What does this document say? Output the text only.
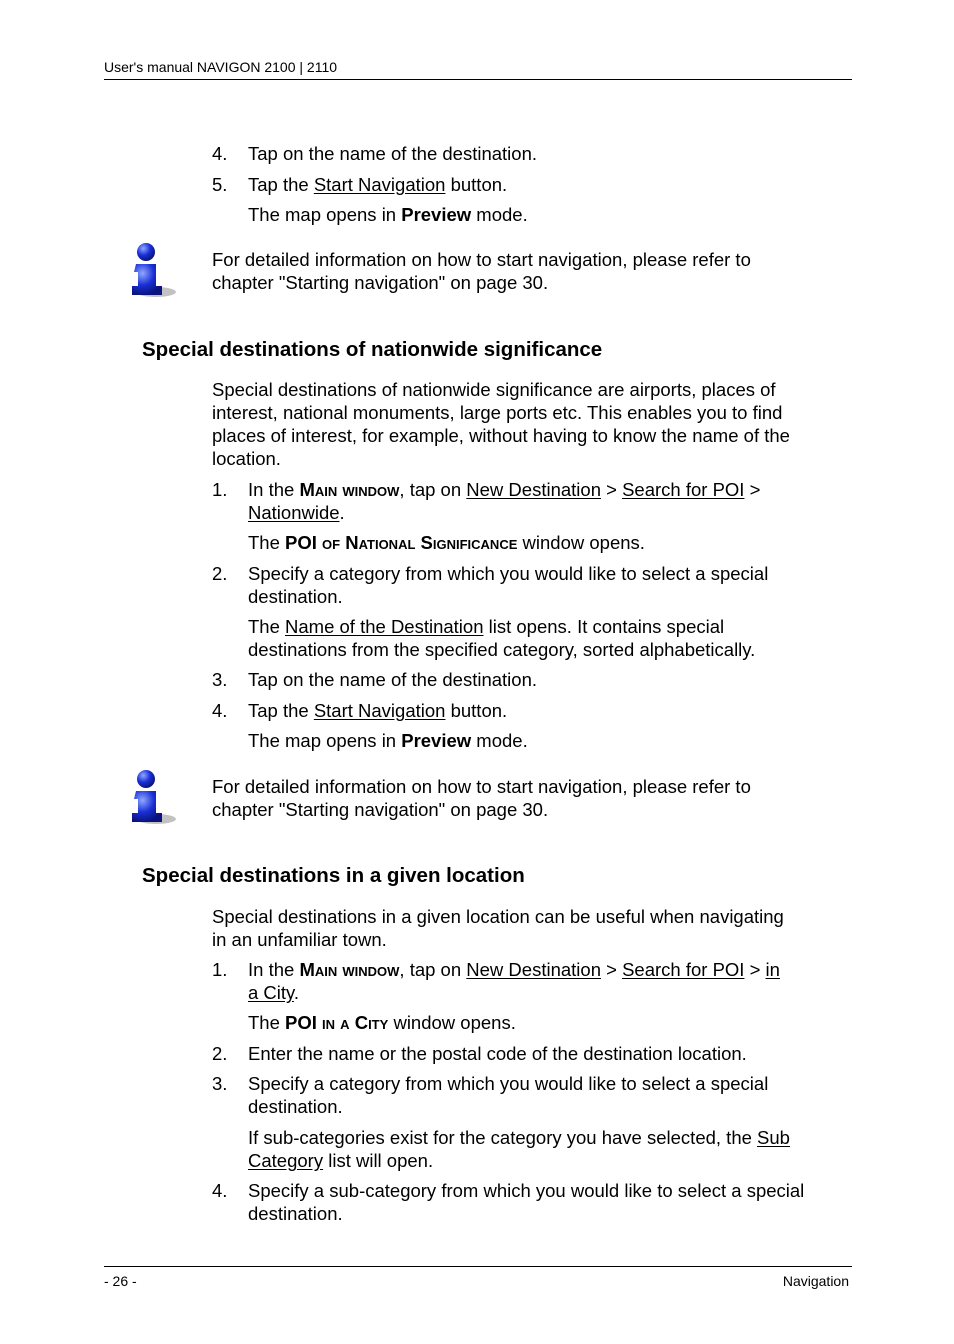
User's manual NAVIGON 2100 | 2110
4. Tap on the name of the destination.
5. Tap the Start Navigation button.
The map opens in Preview mode.
For detailed information on how to start navigation, please refer to
chapter "Starting navigation" on page 30.
Special destinations of nationwide significance
Special destinations of nationwide significance are airports, places of
interest, national monuments, large ports etc. This enables you to find
places of interest, for example, without having to know the name of the
location.
1. In the Main window, tap on New Destination > Search for POI >
Nationwide.
The POI of National Significance window opens.
2. Specify a category from which you would like to select a special
destination.
The Name of the Destination list opens. It contains special
destinations from the specified category, sorted alphabetically.
3. Tap on the name of the destination.
4. Tap the Start Navigation button.
The map opens in Preview mode.
For detailed information on how to start navigation, please refer to
chapter "Starting navigation" on page 30.
Special destinations in a given location
Special destinations in a given location can be useful when navigating
in an unfamiliar town.
1. In the Main window, tap on New Destination > Search for POI > in
a City.
The POI in a City window opens.
2. Enter the name or the postal code of the destination location.
3. Specify a category from which you would like to select a special
destination.
If sub-categories exist for the category you have selected, the Sub
Category list will open.
4. Specify a sub-category from which you would like to select a special
destination.
- 26 -	Navigation
